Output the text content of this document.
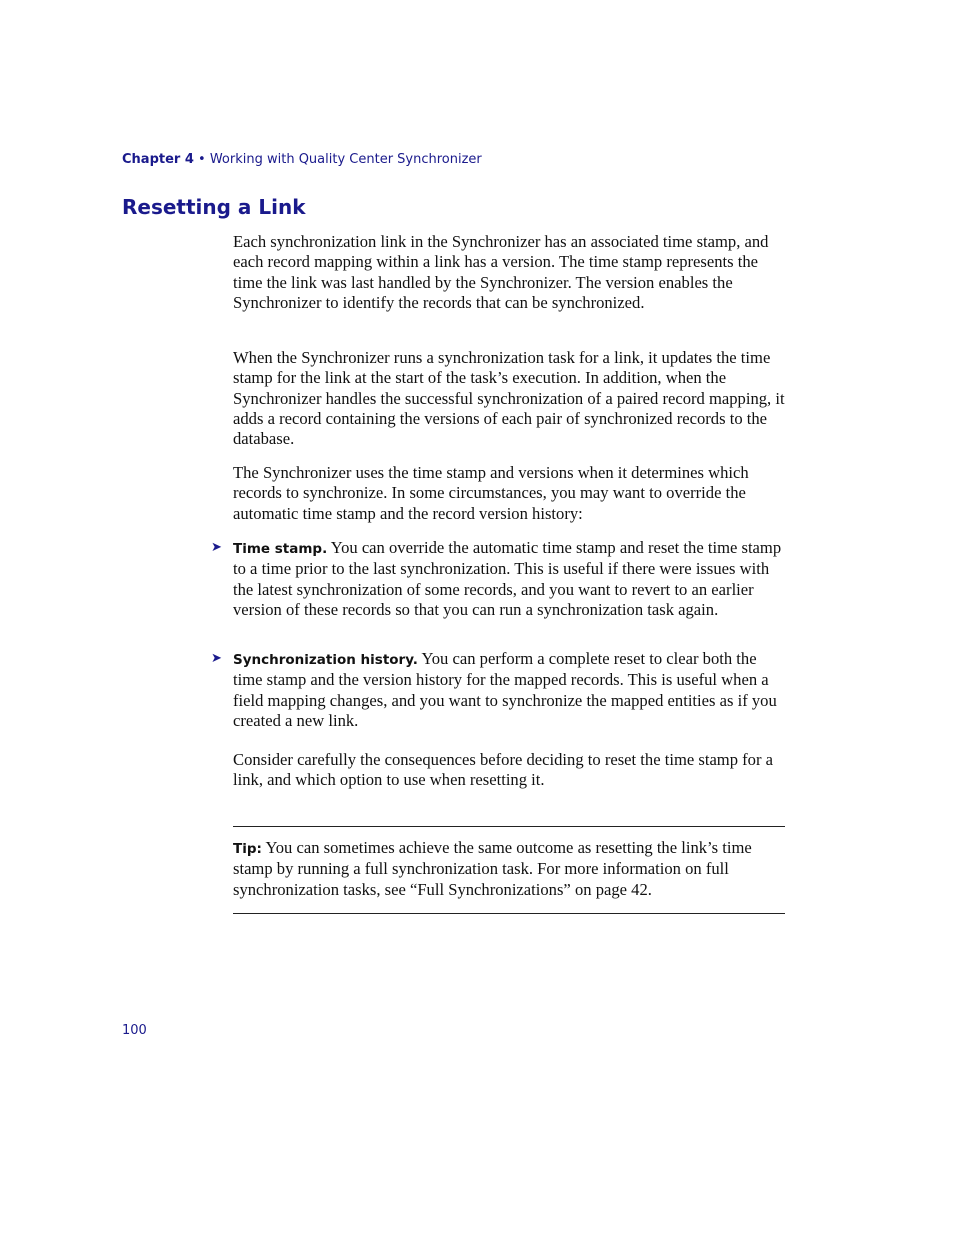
Chapter 4 • Working with Quality Center Synchronizer
Resetting a Link

Each synchronization link in the Synchronizer has an associated time stamp, and each record mapping within a link has a version. The time stamp represents the time the link was last handled by the Synchronizer. The version enables the Synchronizer to identify the records that can be synchronized.

When the Synchronizer runs a synchronization task for a link, it updates the time stamp for the link at the start of the task’s execution. In addition, when the Synchronizer handles the successful synchronization of a paired record mapping, it adds a record containing the versions of each pair of synchronized records to the database.

The Synchronizer uses the time stamp and versions when it determines which records to synchronize. In some circumstances, you may want to override the automatic time stamp and the record version history:

➤ Time stamp. You can override the automatic time stamp and reset the time stamp to a time prior to the last synchronization. This is useful if there were issues with the latest synchronization of some records, and you want to revert to an earlier version of these records so that you can run a synchronization task again.

➤ Synchronization history. You can perform a complete reset to clear both the time stamp and the version history for the mapped records. This is useful when a field mapping changes, and you want to synchronize the mapped entities as if you created a new link.

Consider carefully the consequences before deciding to reset the time stamp for a link, and which option to use when resetting it.

Tip: You can sometimes achieve the same outcome as resetting the link’s time stamp by running a full synchronization task. For more information on full synchronization tasks, see “Full Synchronizations” on page 42.

100
